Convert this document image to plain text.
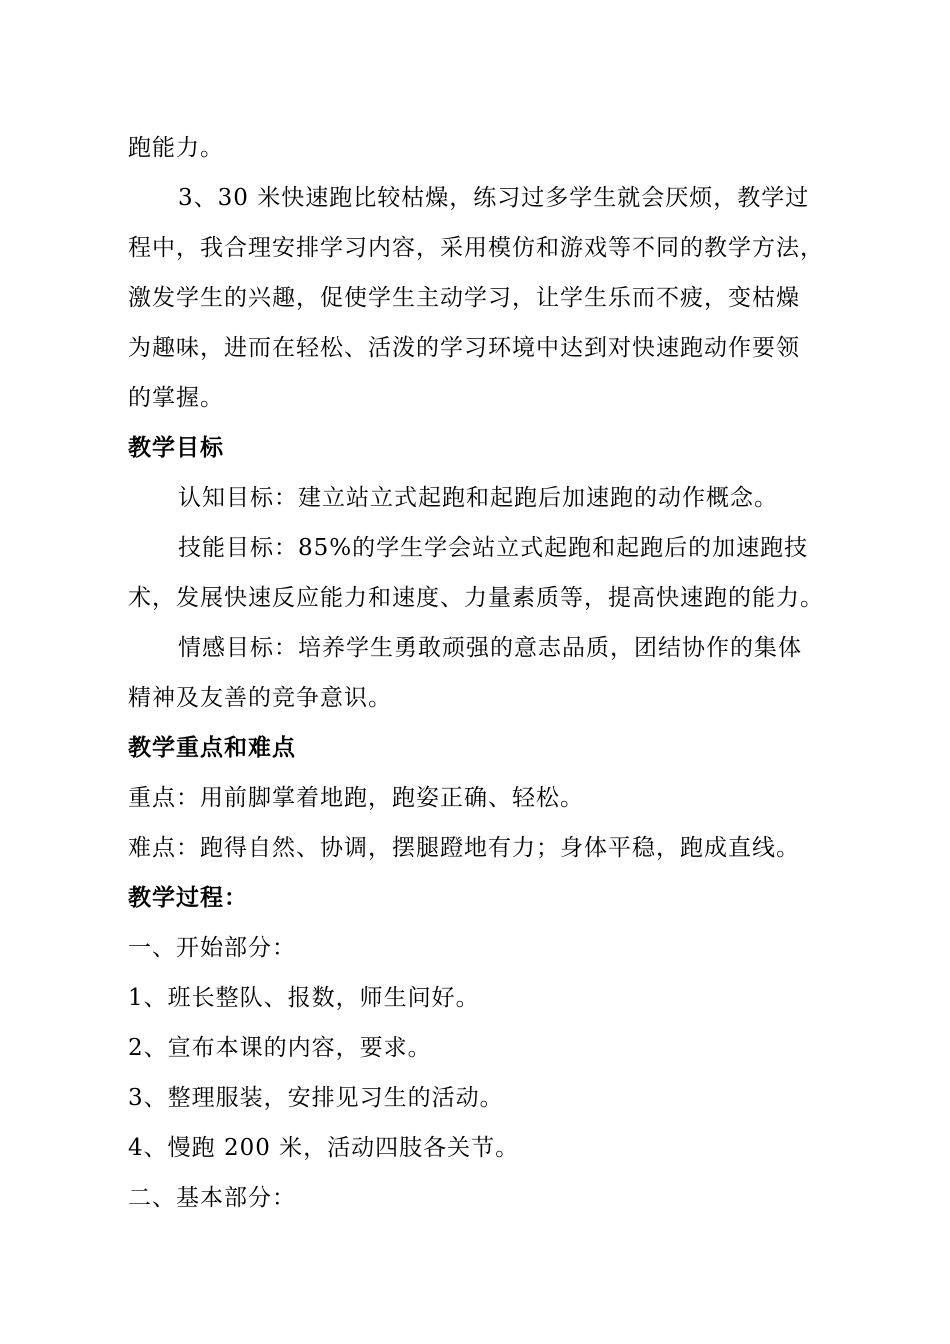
跑能力。
3、30 米快速跑比较枯燥，练习过多学生就会厌烦，教学过
程中，我合理安排学习内容，采用模仿和游戏等不同的教学方法，
激发学生的兴趣，促使学生主动学习，让学生乐而不疲，变枯燥
为趣味，进而在轻松、活泼的学习环境中达到对快速跑动作要领
的掌握。
教学目标
认知目标：建立站立式起跑和起跑后加速跑的动作概念。
技能目标：85%的学生学会站立式起跑和起跑后的加速跑技
术，发展快速反应能力和速度、力量素质等，提高快速跑的能力。
情感目标：培养学生勇敢顽强的意志品质，团结协作的集体
精神及友善的竞争意识。
教学重点和难点
重点：用前脚掌着地跑，跑姿正确、轻松。
难点：跑得自然、协调，摆腿蹬地有力；身体平稳，跑成直线。
教学过程：
一、开始部分：
1、班长整队、报数，师生问好。
2、宣布本课的内容，要求。
3、整理服装，安排见习生的活动。
4、慢跑 200 米，活动四肢各关节。
二、基本部分：
